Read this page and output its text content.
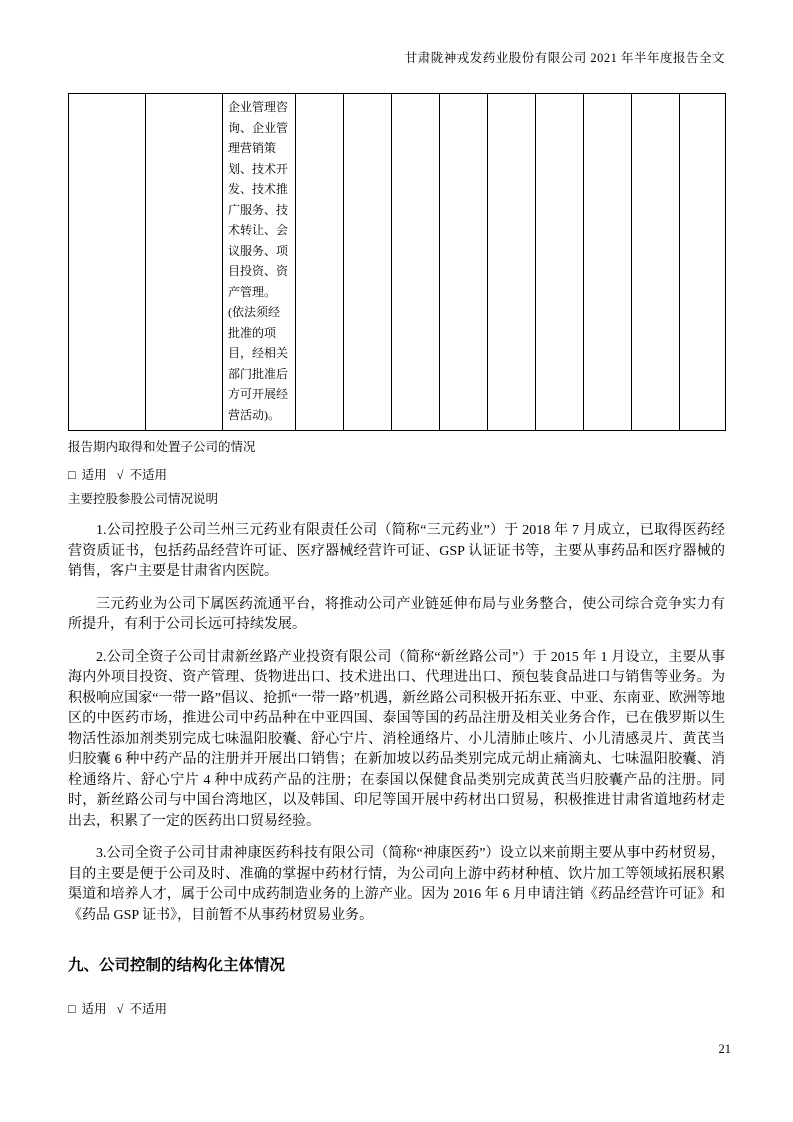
甘肃陇神戎发药业股份有限公司 2021 年半年度报告全文
		企业管理咨询、企业管理营销策划、技术开发、技术推广服务、技术转让、会议服务、项目投资、资产管理。(依法须经批准的项目，经相关部门批准后方可开展经营活动)。									
报告期内取得和处置子公司的情况
□ 适用 √ 不适用
主要控股参股公司情况说明

1.公司控股子公司兰州三元药业有限责任公司（简称“三元药业”）于 2018 年 7 月成立，已取得医药经营资质证书，包括药品经营许可证、医疗器械经营许可证、GSP 认证证书等，主要从事药品和医疗器械的销售，客户主要是甘肃省内医院。

三元药业为公司下属医药流通平台，将推动公司产业链延伸布局与业务整合，使公司综合竞争实力有所提升，有利于公司长远可持续发展。

2.公司全资子公司甘肃新丝路产业投资有限公司（简称“新丝路公司”）于 2015 年 1 月设立，主要从事海内外项目投资、资产管理、货物进出口、技术进出口、代理进出口、预包装食品进口与销售等业务。为积极响应国家“一带一路”倡议、抢抓“一带一路”机遇，新丝路公司积极开拓东亚、中亚、东南亚、欧洲等地区的中医药市场，推进公司中药品种在中亚四国、泰国等国的药品注册及相关业务合作，已在俄罗斯以生物活性添加剂类别完成七味温阳胶囊、舒心宁片、消栓通络片、小儿清肺止咳片、小儿清感灵片、黄芪当归胶囊 6 种中药产品的注册并开展出口销售；在新加坡以药品类别完成元胡止痛滴丸、七味温阳胶囊、消栓通络片、舒心宁片 4 种中成药产品的注册；在泰国以保健食品类别完成黄芪当归胶囊产品的注册。同时，新丝路公司与中国台湾地区，以及韩国、印尼等国开展中药材出口贸易，积极推进甘肃省道地药材走出去，积累了一定的医药出口贸易经验。

3.公司全资子公司甘肃神康医药科技有限公司（简称“神康医药”）设立以来前期主要从事中药材贸易，目的主要是便于公司及时、准确的掌握中药材行情，为公司向上游中药材种植、饮片加工等领域拓展积累渠道和培养人才，属于公司中成药制造业务的上游产业。因为 2016 年 6 月申请注销《药品经营许可证》和《药品 GSP 证书》，目前暂不从事药材贸易业务。

九、公司控制的结构化主体情况
□ 适用 √ 不适用
21
